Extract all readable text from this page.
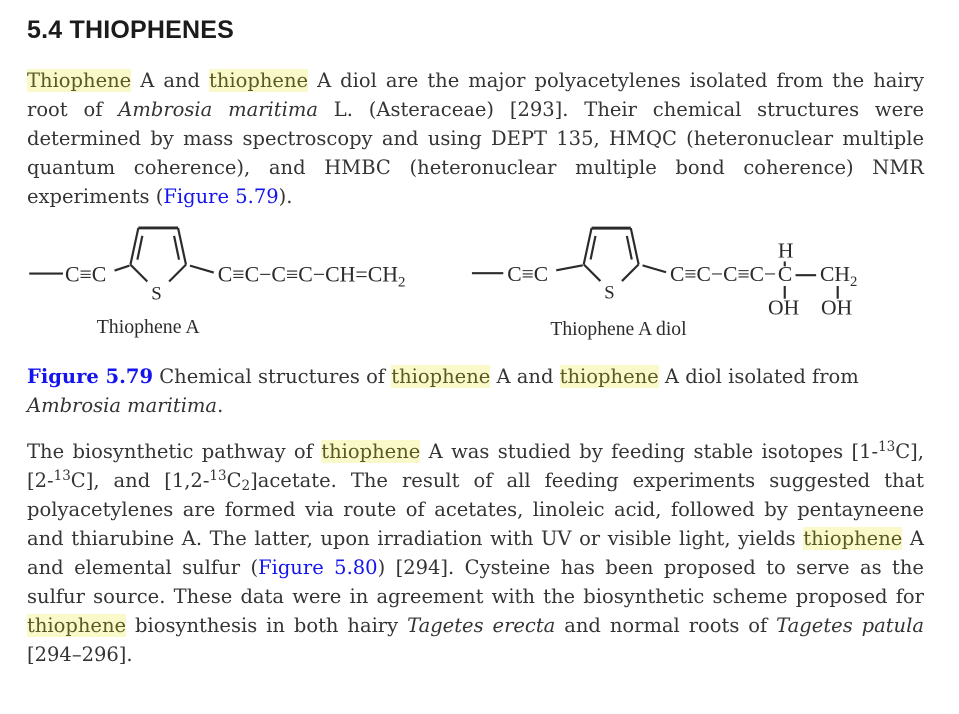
5.4 THIOPHENES

Thiophene A and thiophene A diol are the major polyacetylenes isolated from the hairy root of Ambrosia maritima L. (Asteraceae) [293]. Their chemical structures were determined by mass spectroscopy and using DEPT 135, HMQC (heteronuclear multiple quantum coherence), and HMBC (heteronuclear multiple bond coherence) NMR experiments (Figure 5.79).

C≡C
S
$C\equiv C-C\equiv C-CH=CH_2$
Thiophene A
C≡C
S
C≡C−C≡C− C
H
$CH_2$
OH OH
Thiophene A diol

Figure 5.79 Chemical structures of thiophene A and thiophene A diol isolated from Ambrosia maritima.

The biosynthetic pathway of thiophene A was studied by feeding stable isotopes [1-$^{13}$C], [2-$^{13}$C], and $[1,2-^{13}C_2]acetate$. The result of all feeding experiments suggested that polyacetylenes are formed via route of acetates, linoleic acid, followed by pentayneene and thiarubine A. The latter, upon irradiation with UV or visible light, yields thiophene A and elemental sulfur (Figure 5.80) [294]. Cysteine has been proposed to serve as the sulfur source. These data were in agreement with the biosynthetic scheme proposed for thiophene biosynthesis in both hairy Tagetes erecta and normal roots of Tagetes patula [294–296].
